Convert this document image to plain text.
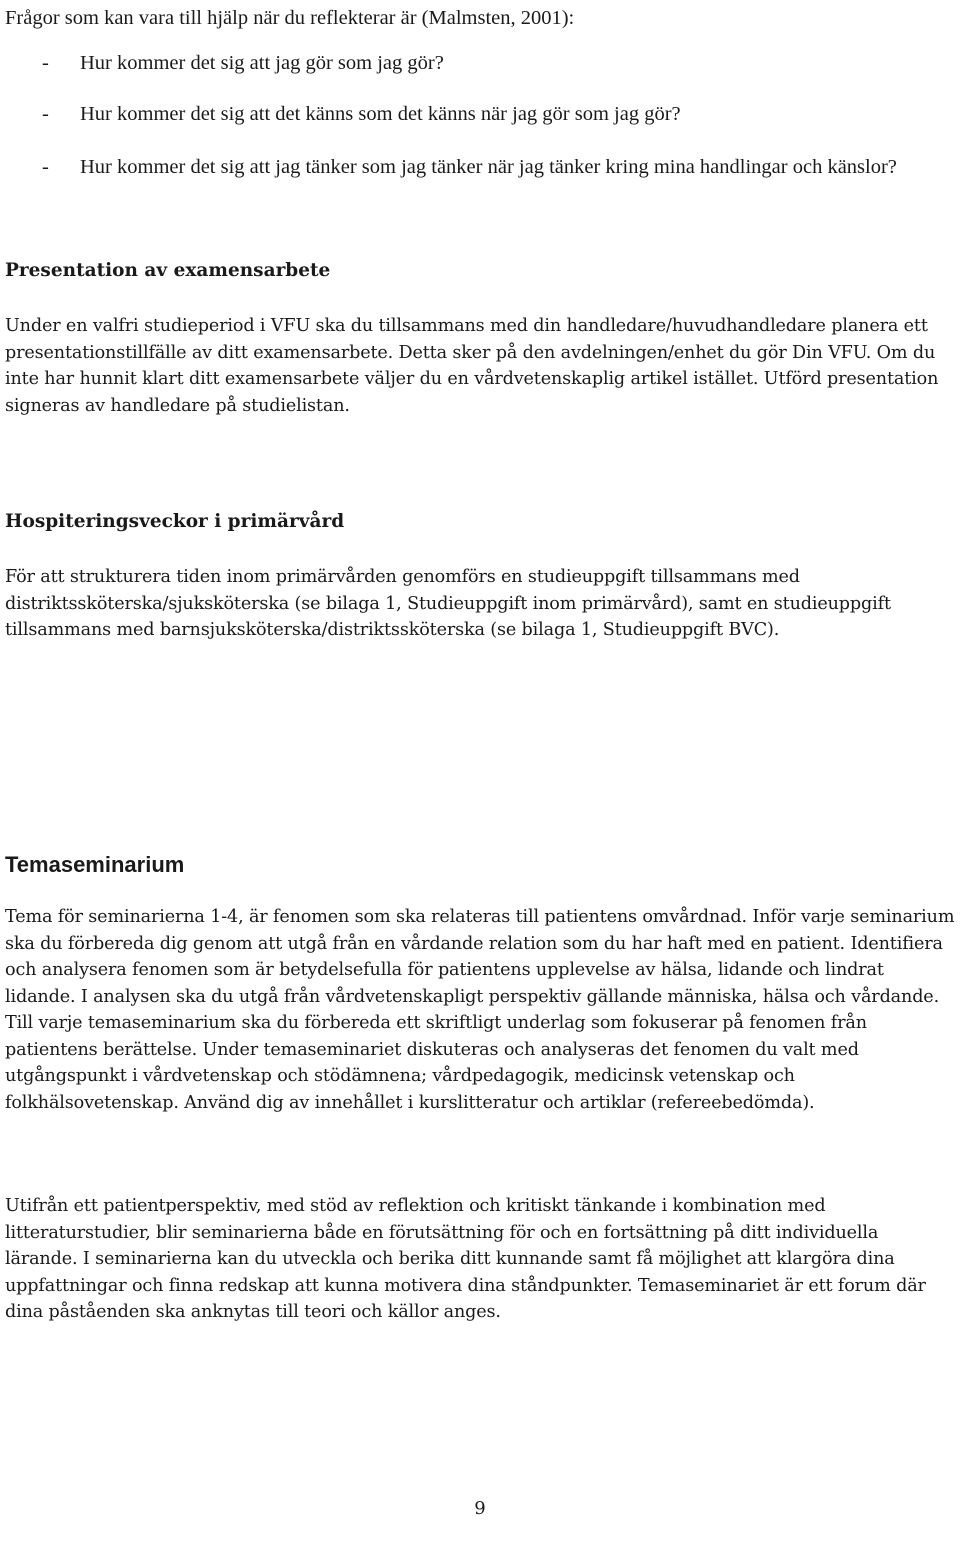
Frågor som kan vara till hjälp när du reflekterar är (Malmsten, 2001):

- Hur kommer det sig att jag gör som jag gör?
- Hur kommer det sig att det känns som det känns när jag gör som jag gör?
- Hur kommer det sig att jag tänker som jag tänker när jag tänker kring mina handlingar och känslor?
Presentation av examensarbete

Under en valfri studieperiod i VFU ska du tillsammans med din handledare/huvudhandledare planera ett presentationstillfälle av ditt examensarbete. Detta sker på den avdelningen/enhet du gör Din VFU. Om du inte har hunnit klart ditt examensarbete väljer du en vårdvetenskaplig artikel istället. Utförd presentation signeras av handledare på studielistan.

Hospiteringsveckor i primärvård

För att strukturera tiden inom primärvården genomförs en studieuppgift tillsammans med distriktssköterska/sjuksköterska (se bilaga 1, Studieuppgift inom primärvård), samt en studieuppgift tillsammans med barnsjuksköterska/distriktssköterska (se bilaga 1, Studieuppgift BVC).

Temaseminarium

Tema för seminarierna 1-4, är fenomen som ska relateras till patientens omvårdnad. Inför varje seminarium ska du förbereda dig genom att utgå från en vårdande relation som du har haft med en patient. Identifiera och analysera fenomen som är betydelsefulla för patientens upplevelse av hälsa, lidande och lindrat lidande. I analysen ska du utgå från vårdvetenskapligt perspektiv gällande människa, hälsa och vårdande. Till varje temaseminarium ska du förbereda ett skriftligt underlag som fokuserar på fenomen från patientens berättelse. Under temaseminariet diskuteras och analyseras det fenomen du valt med utgångspunkt i vårdvetenskap och stödämnena; vårdpedagogik, medicinsk vetenskap och folkhälsovetenskap. Använd dig av innehållet i kurslitteratur och artiklar (refereebedömda).

Utifrån ett patientperspektiv, med stöd av reflektion och kritiskt tänkande i kombination med litteraturstudier, blir seminarierna både en förutsättning för och en fortsättning på ditt individuella lärande. I seminarierna kan du utveckla och berika ditt kunnande samt få möjlighet att klargöra dina uppfattningar och finna redskap att kunna motivera dina ståndpunkter. Temaseminariet är ett forum där dina påståenden ska anknytas till teori och källor anges.

9
